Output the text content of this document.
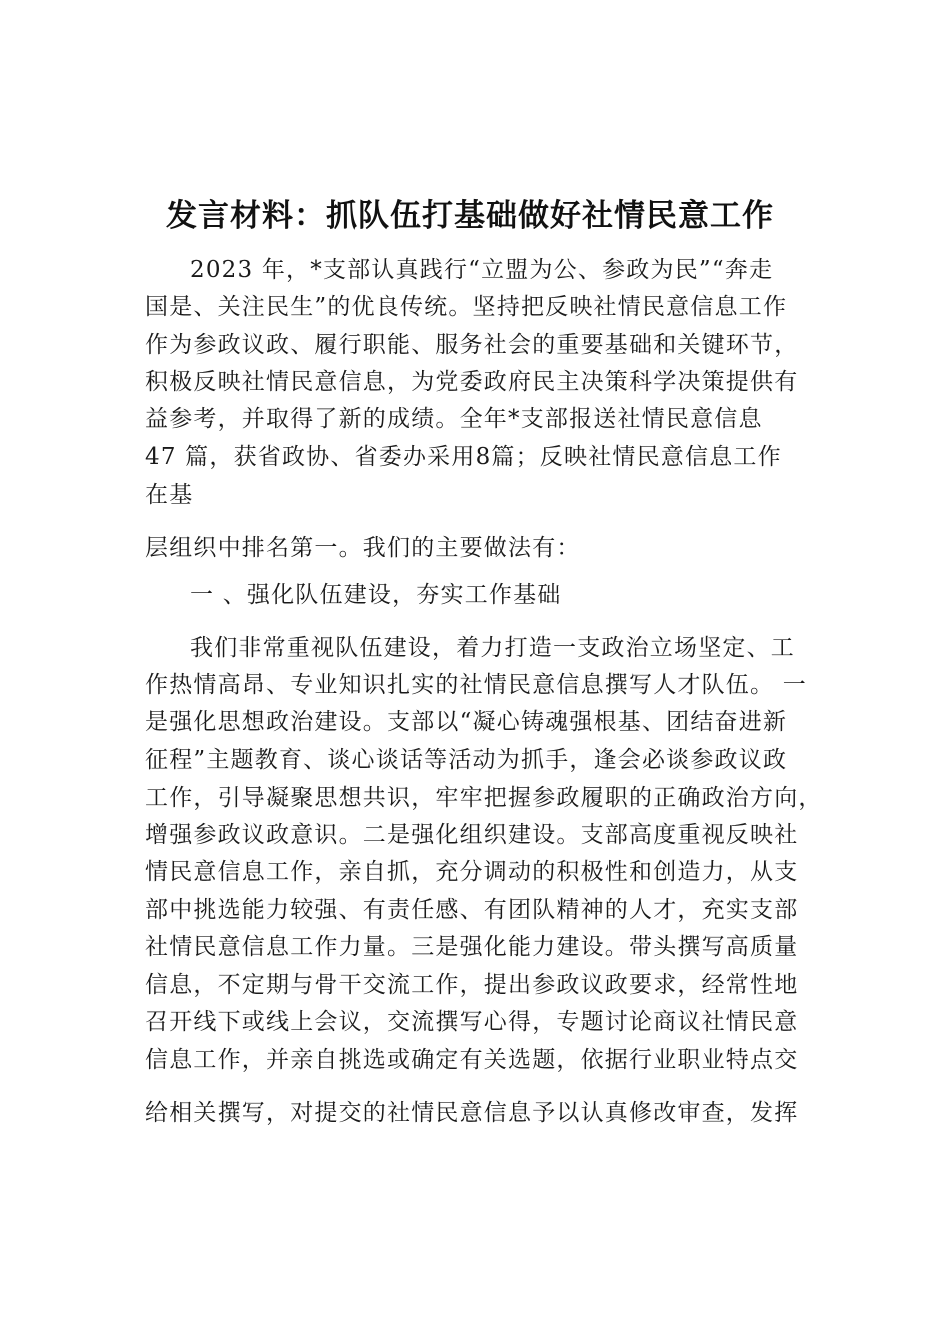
发言材料：抓队伍打基础做好社情民意工作
2023 年，*支部认真践行“立盟为公、参政为民”“奔走
国是、关注民生”的优良传统。坚持把反映社情民意信息工作
作为参政议政、履行职能、服务社会的重要基础和关键环节，
积极反映社情民意信息，为党委政府民主决策科学决策提供有
益参考，并取得了新的成绩。全年*支部报送社情民意信息
47 篇，获省政协、省委办采用8篇；反映社情民意信息工作
在基
层组织中排名第一。我们的主要做法有：
一 、强化队伍建设，夯实工作基础
我们非常重视队伍建设，着力打造一支政治立场坚定、工
作热情高昂、专业知识扎实的社情民意信息撰写人才队伍。 一
是强化思想政治建设。支部以“凝心铸魂强根基、团结奋进新
征程”主题教育、谈心谈话等活动为抓手，逢会必谈参政议政
工作，引导凝聚思想共识，牢牢把握参政履职的正确政治方向，
增强参政议政意识。二是强化组织建设。支部高度重视反映社
情民意信息工作，亲自抓，充分调动的积极性和创造力，从支
部中挑选能力较强、有责任感、有团队精神的人才，充实支部
社情民意信息工作力量。三是强化能力建设。带头撰写高质量
信息，不定期与骨干交流工作，提出参政议政要求，经常性地
召开线下或线上会议，交流撰写心得，专题讨论商议社情民意
信息工作，并亲自挑选或确定有关选题，依据行业职业特点交
给相关撰写，对提交的社情民意信息予以认真修改审查，发挥
